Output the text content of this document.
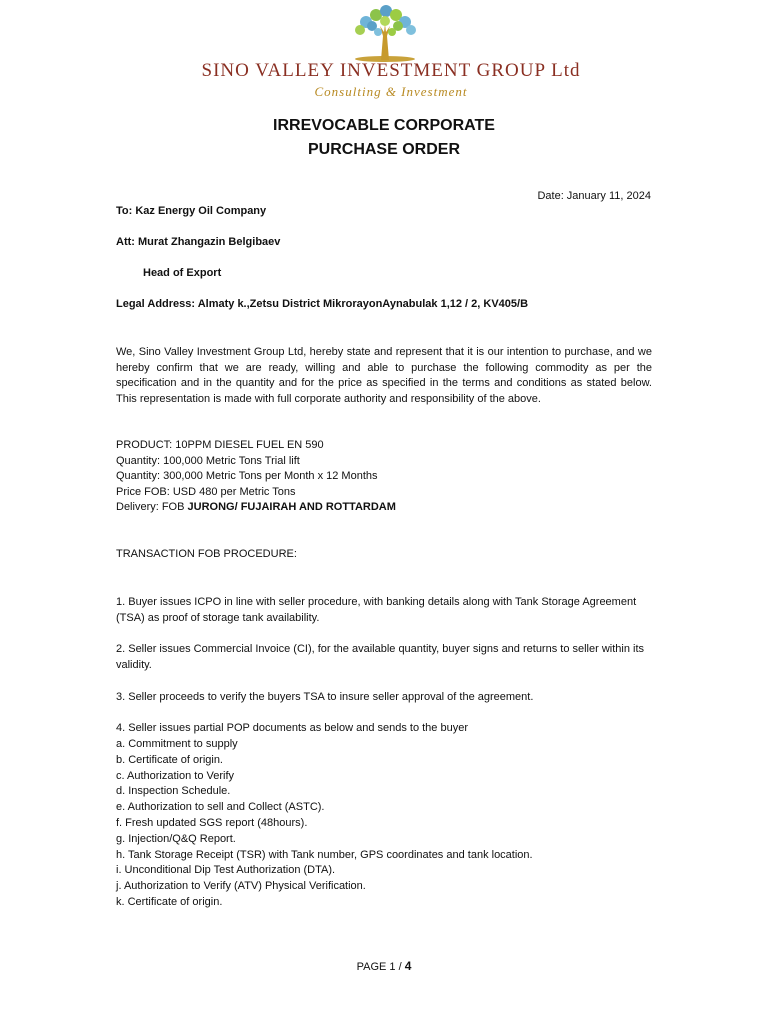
SINO VALLEY INVESTMENT GROUP Ltd
Consulting & Investment
IRREVOCABLE CORPORATE
PURCHASE ORDER
Date: January 11, 2024
To: Kaz Energy Oil Company
Att: Murat Zhangazin Belgibaev
Head of Export
Legal Address: Almaty k.,Zetsu District MikrorayonAynabulak 1,12 / 2, KV405/B
We, Sino Valley Investment Group Ltd, hereby state and represent that it is our intention to purchase, and we hereby confirm that we are ready, willing and able to purchase the following commodity as per the specification and in the quantity and for the price as specified in the terms and conditions as stated below. This representation is made with full corporate authority and responsibility of the above.
PRODUCT: 10PPM DIESEL FUEL EN 590
Quantity: 100,000 Metric Tons Trial lift
Quantity: 300,000 Metric Tons per Month x 12 Months
Price FOB: USD 480 per Metric Tons
Delivery: FOB JURONG/ FUJAIRAH AND ROTTARDAM
TRANSACTION FOB PROCEDURE:
1. Buyer issues ICPO in line with seller procedure, with banking details along with Tank Storage Agreement (TSA) as proof of storage tank availability.
2. Seller issues Commercial Invoice (CI), for the available quantity, buyer signs and returns to seller within its validity.
3. Seller proceeds to verify the buyers TSA to insure seller approval of the agreement.
4. Seller issues partial POP documents as below and sends to the buyer
a. Commitment to supply
b. Certificate of origin.
c. Authorization to Verify
d. Inspection Schedule.
e. Authorization to sell and Collect (ASTC).
f. Fresh updated SGS report (48hours).
g. Injection/Q&Q Report.
h. Tank Storage Receipt (TSR) with Tank number, GPS coordinates and tank location.
i. Unconditional Dip Test Authorization (DTA).
j. Authorization to Verify (ATV) Physical Verification.
k. Certificate of origin.
PAGE 1 / 4
